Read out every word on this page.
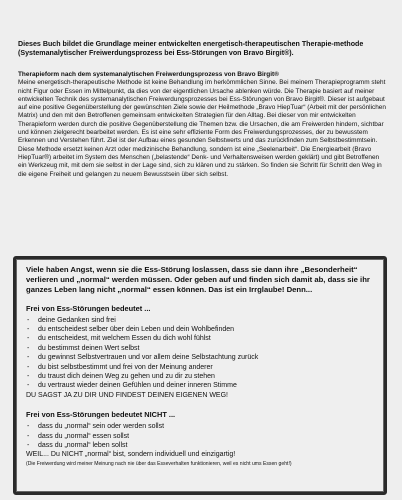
Dieses Buch bildet die Grundlage meiner entwickelten energetisch-therapeutischen Therapie-methode (Systemanalytischer Freiwerdungsprozess bei Ess-Störungen von Bravo Birgit®).

Therapieform nach dem systemanalytischen Freiwerdungsprozess von Bravo Birgit®

Meine energetisch-therapeutische Methode ist keine Behandlung im herkömmlichen Sinne. Bei meinem Therapieprogramm steht nicht Figur oder Essen im Mittelpunkt, da dies von der eigentlichen Ursache ablenken würde. Die Therapie basiert auf meiner entwickelten Technik des systemanalytischen Freiwerdungsprozesses bei Ess-Störungen von Bravo Birgit®. Dieser ist aufgebaut auf eine positive Gegenüberstellung der gewünschten Ziele sowie der Heilmethode „Bravo HiepTuar“ (Arbeit mit der persönlichen Matrix) und den mit den Betroffenen gemeinsam entwickelten Strategien für den Alltag. Bei dieser von mir entwickelten Therapieform werden durch die positive Gegenüberstellung die Themen bzw. die Ursachen, die am Freiwerden hindern, sichtbar und können zielgerecht bearbeitet werden. Es ist eine sehr effiziente Form des Freiwerdungsprozesses, der zu bewusstem Erkennen und Verstehen führt. Ziel ist der Aufbau eines gesunden Selbstwerts und das zurückfinden zum Selbstbestimmtsein. Diese Methode ersetzt keinen Arzt oder medizinische Behandlung, sondern ist eine „Seelenarbeit“. Die Energiearbeit (Bravo HiepTuar®) arbeitet im System des Menschen („belastende“ Denk- und Verhaltensweisen werden geklärt) und gibt Betroffenen ein Werkzeug mit, mit dem sie selbst in der Lage sind, sich zu klären und zu stärken. So finden sie Schritt für Schritt den Weg in die eigene Freiheit und gelangen zu neuem Bewusstsein über sich selbst.

Viele haben Angst, wenn sie die Ess-Störung loslassen, dass sie dann ihre „Besonderheit“ verlieren und „normal“ werden müssen. Oder geben auf und finden sich damit ab, dass sie ihr ganzes Leben lang nicht „normal“ essen können. Das ist ein Irrglaube! Denn...

Frei von Ess-Störungen bedeutet ...

- deine Gedanken sind frei
- du entscheidest selber über dein Leben und dein Wohlbefinden
- du entscheidest, mit welchem Essen du dich wohl fühlst
- du bestimmst deinen Wert selbst
- du gewinnst Selbstvertrauen und vor allem deine Selbstachtung zurück
- du bist selbstbestimmt und frei von der Meinung anderer
- du traust dich deinen Weg zu gehen und zu dir zu stehen
- du vertraust wieder deinen Gefühlen und deiner inneren Stimme

DU SAGST JA ZU DIR UND FINDEST DEINEN EIGENEN WEG!

Frei von Ess-Störungen bedeutet NICHT ...

- dass du „normal“ sein oder werden sollst
- dass du „normal“ essen sollst
- dass du „normal“ leben sollst

WEIL... Du NICHT „normal“ bist, sondern individuell und einzigartig!

(Die Freiwerdung wird meiner Meinung nach nie über das Esseverhalten funktionieren, weil es nicht ums Essen geht!)
